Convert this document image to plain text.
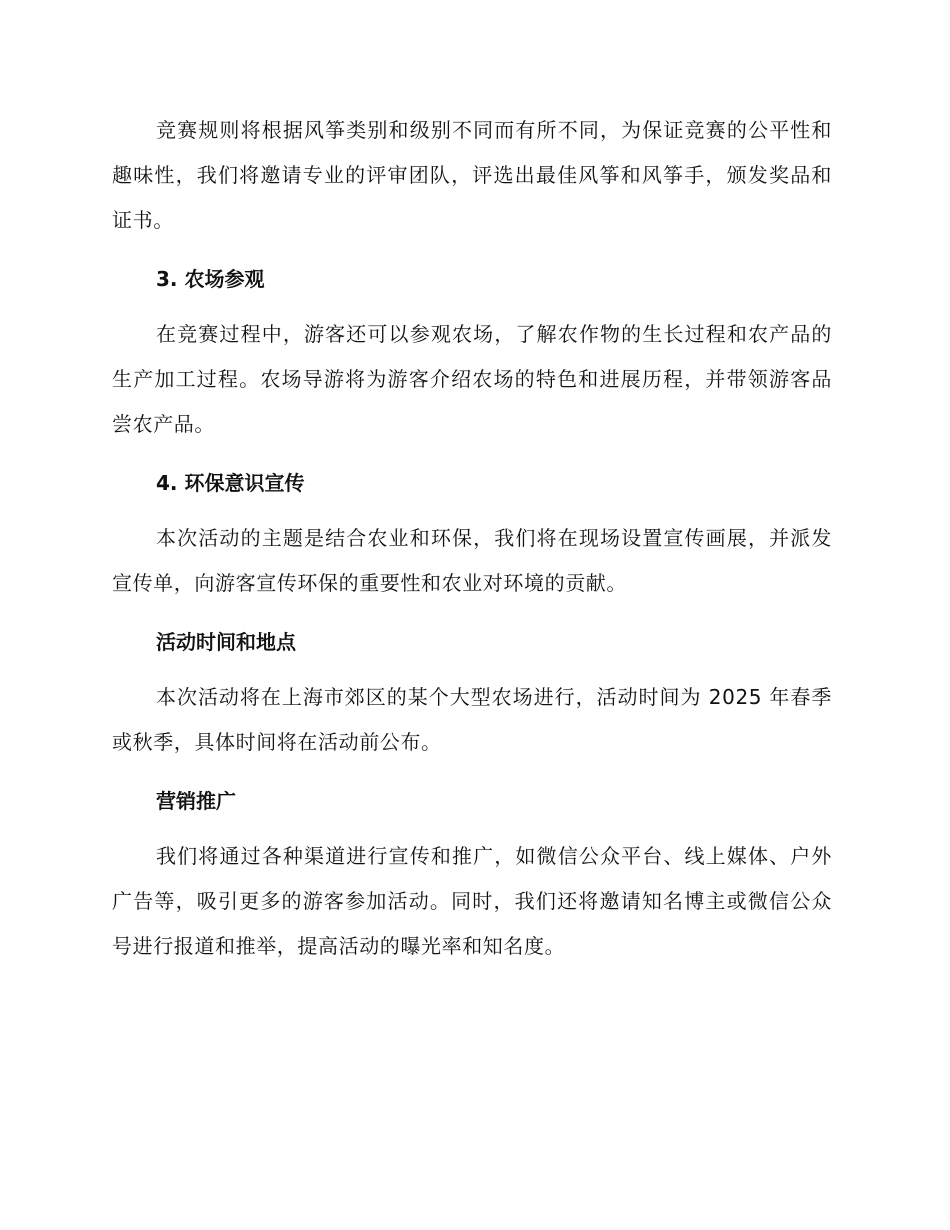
竞赛规则将根据风筝类别和级别不同而有所不同，为保证竞赛的公平性和趣味性，我们将邀请专业的评审团队，评选出最佳风筝和风筝手，颁发奖品和证书。

3. 农场参观

在竞赛过程中，游客还可以参观农场，了解农作物的生长过程和农产品的生产加工过程。农场导游将为游客介绍农场的特色和进展历程，并带领游客品尝农产品。

4. 环保意识宣传

本次活动的主题是结合农业和环保，我们将在现场设置宣传画展，并派发宣传单，向游客宣传环保的重要性和农业对环境的贡献。

活动时间和地点

本次活动将在上海市郊区的某个大型农场进行，活动时间为 2025 年春季或秋季，具体时间将在活动前公布。

营销推广

我们将通过各种渠道进行宣传和推广，如微信公众平台、线上媒体、户外广告等，吸引更多的游客参加活动。同时，我们还将邀请知名博主或微信公众号进行报道和推举，提高活动的曝光率和知名度。
